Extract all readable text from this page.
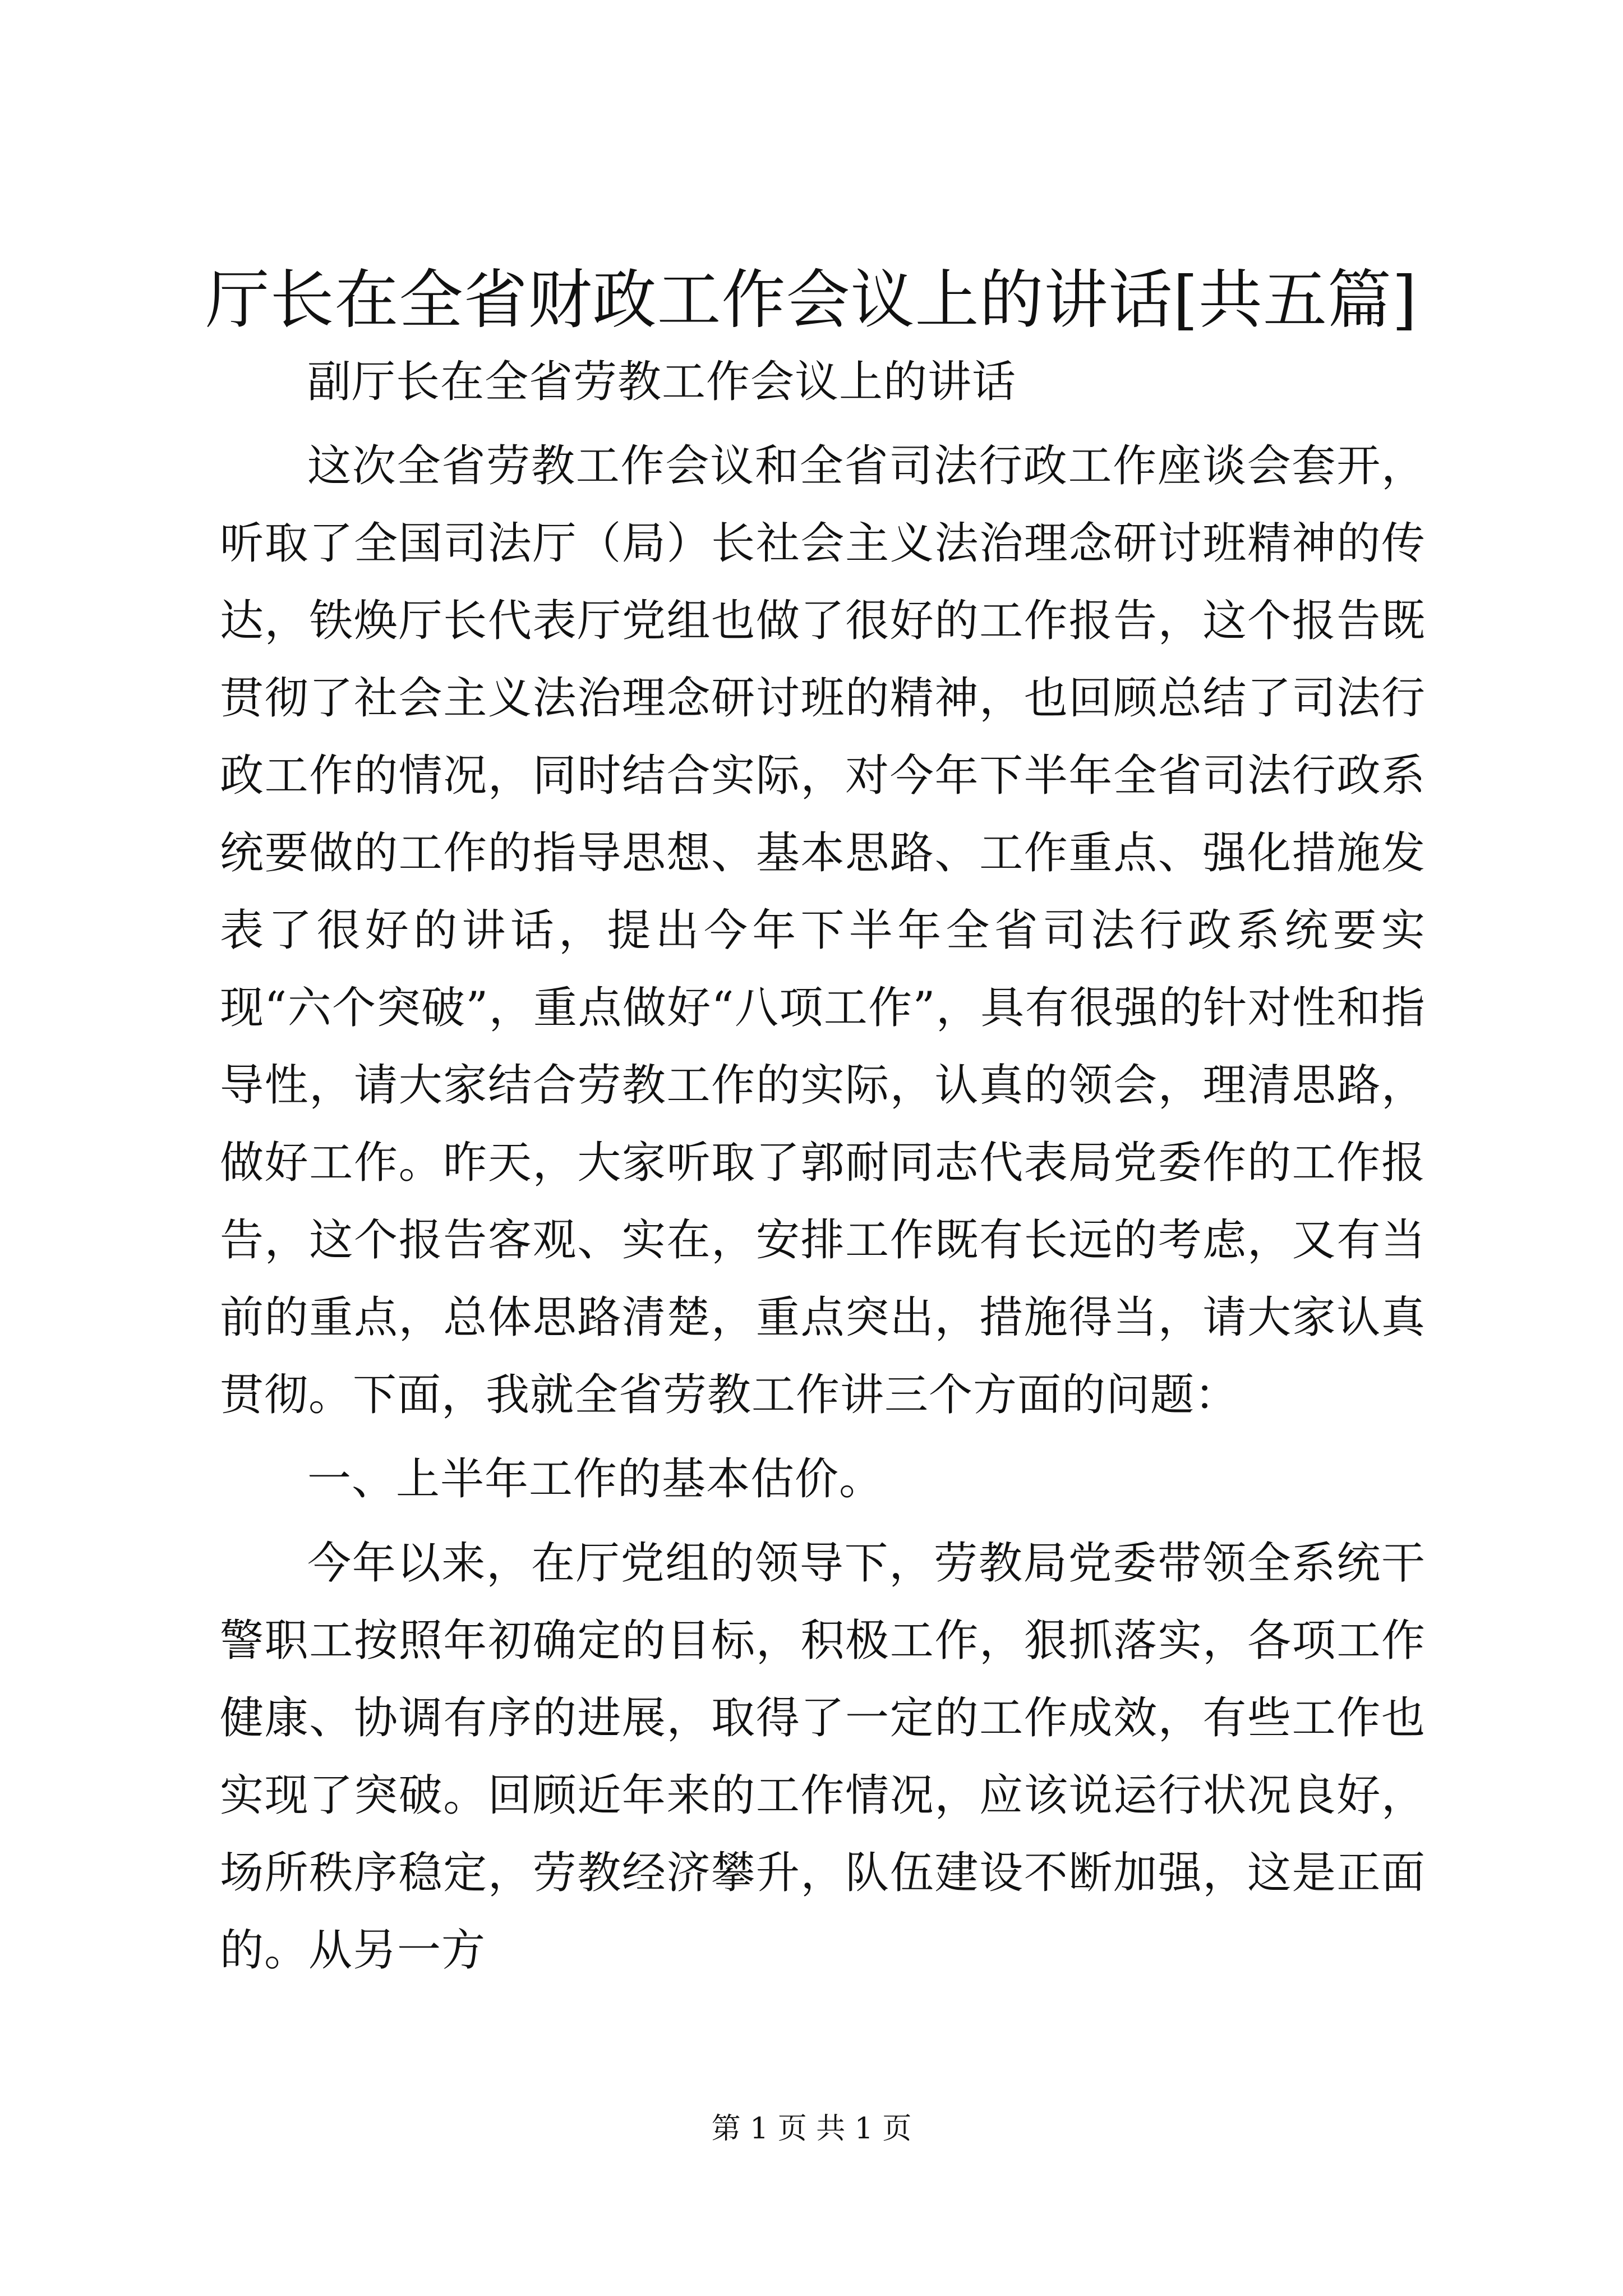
厅长在全省财政工作会议上的讲话[共五篇]

副厅长在全省劳教工作会议上的讲话

这次全省劳教工作会议和全省司法行政工作座谈会套开，听取了全国司法厅（局）长社会主义法治理念研讨班精神的传达，铁焕厅长代表厅党组也做了很好的工作报告，这个报告既贯彻了社会主义法治理念研讨班的精神，也回顾总结了司法行政工作的情况，同时结合实际，对今年下半年全省司法行政系统要做的工作的指导思想、基本思路、工作重点、强化措施发表了很好的讲话，提出今年下半年全省司法行政系统要实现“六个突破”，重点做好“八项工作”，具有很强的针对性和指导性，请大家结合劳教工作的实际，认真的领会，理清思路，做好工作。昨天，大家听取了郭耐同志代表局党委作的工作报告，这个报告客观、实在，安排工作既有长远的考虑，又有当前的重点，总体思路清楚，重点突出，措施得当，请大家认真贯彻。下面，我就全省劳教工作讲三个方面的问题：

一、上半年工作的基本估价。

今年以来，在厅党组的领导下，劳教局党委带领全系统干警职工按照年初确定的目标，积极工作，狠抓落实，各项工作健康、协调有序的进展，取得了一定的工作成效，有些工作也实现了突破。回顾近年来的工作情况，应该说运行状况良好，场所秩序稳定，劳教经济攀升，队伍建设不断加强，这是正面的。从另一方

第 1 页 共 1 页
